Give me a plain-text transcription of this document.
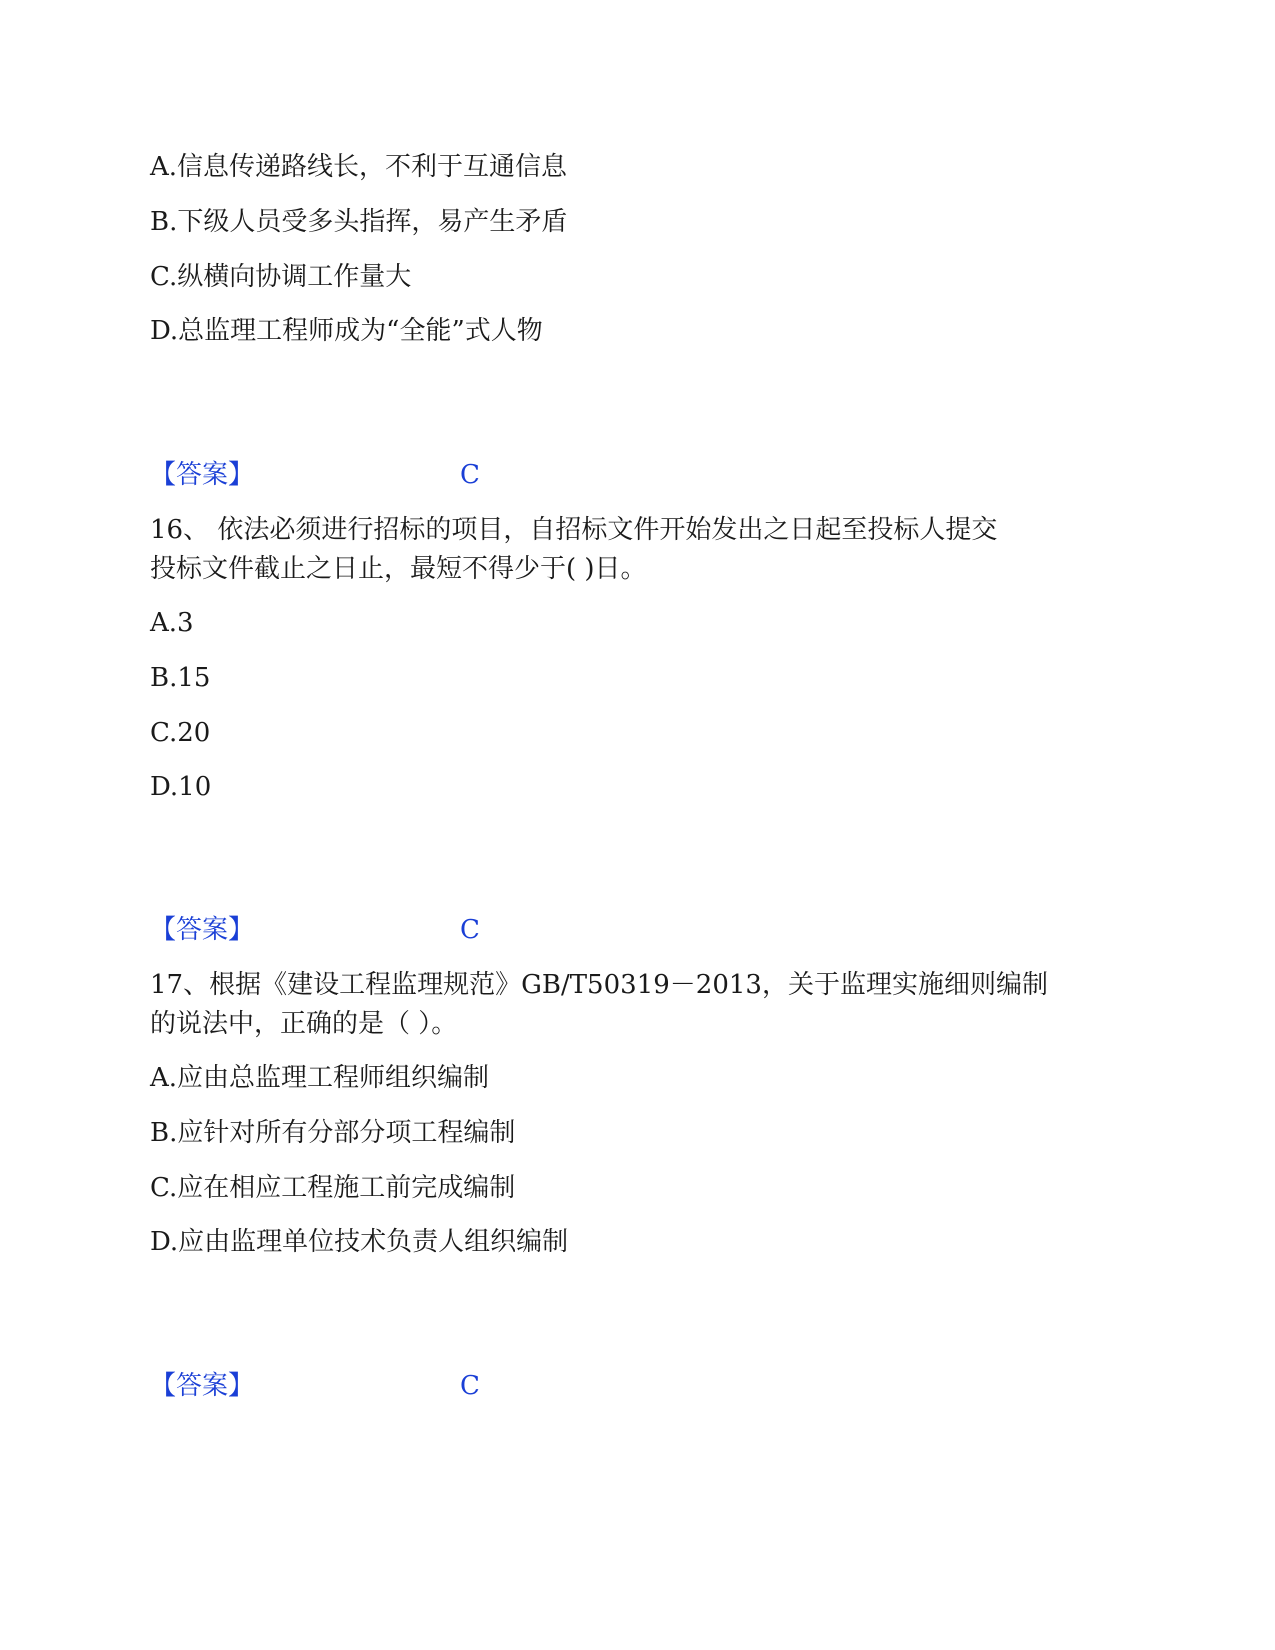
A.信息传递路线长，不利于互通信息
B.下级人员受多头指挥，易产生矛盾
C.纵横向协调工作量大
D.总监理工程师成为“全能”式人物
【答案】	C
16、 依法必须进行招标的项目，自招标文件开始发出之日起至投标人提交
投标文件截止之日止，最短不得少于( )日。
A.3
B.15
C.20
D.10
【答案】	C
17、根据《建设工程监理规范》GB/T50319－2013，关于监理实施细则编制
的说法中，正确的是（ ）。
A.应由总监理工程师组织编制
B.应针对所有分部分项工程编制
C.应在相应工程施工前完成编制
D.应由监理单位技术负责人组织编制
【答案】	C
